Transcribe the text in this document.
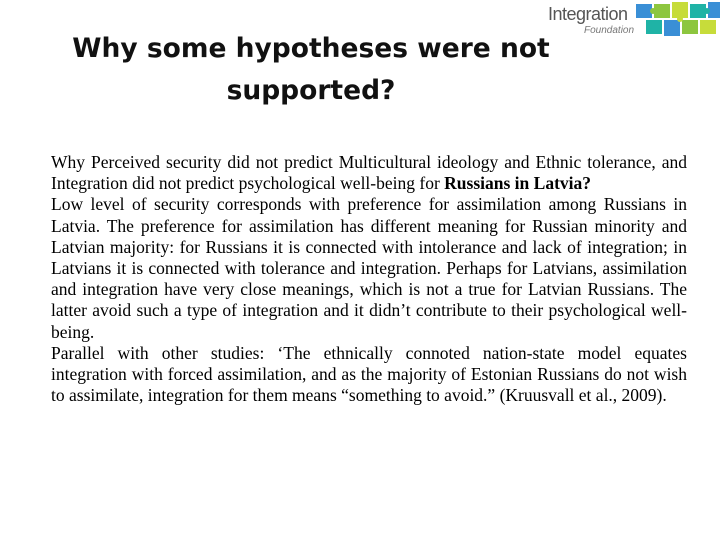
Integration
Foundation
Why some hypotheses were not
supported?

Why Perceived security did not predict Multicultural ideology and Ethnic tolerance, and Integration did not predict psychological well-being for Russians in Latvia?

Low level of security corresponds with preference for assimilation among Russians in Latvia. The preference for assimilation has different meaning for Russian minority and Latvian majority: for Russians it is connected with intolerance and lack of integration; in Latvians it is connected with tolerance and integration. Perhaps for Latvians, assimilation and integration have very close meanings, which is not a true for Latvian Russians. The latter avoid such a type of integration and it didn’t contribute to their psychological well-being.

Parallel with other studies: ‘The ethnically connoted nation-state model equates integration with forced assimilation, and as the majority of Estonian Russians do not wish to assimilate, integration for them means “something to avoid.” (Kruusvall et al., 2009).
